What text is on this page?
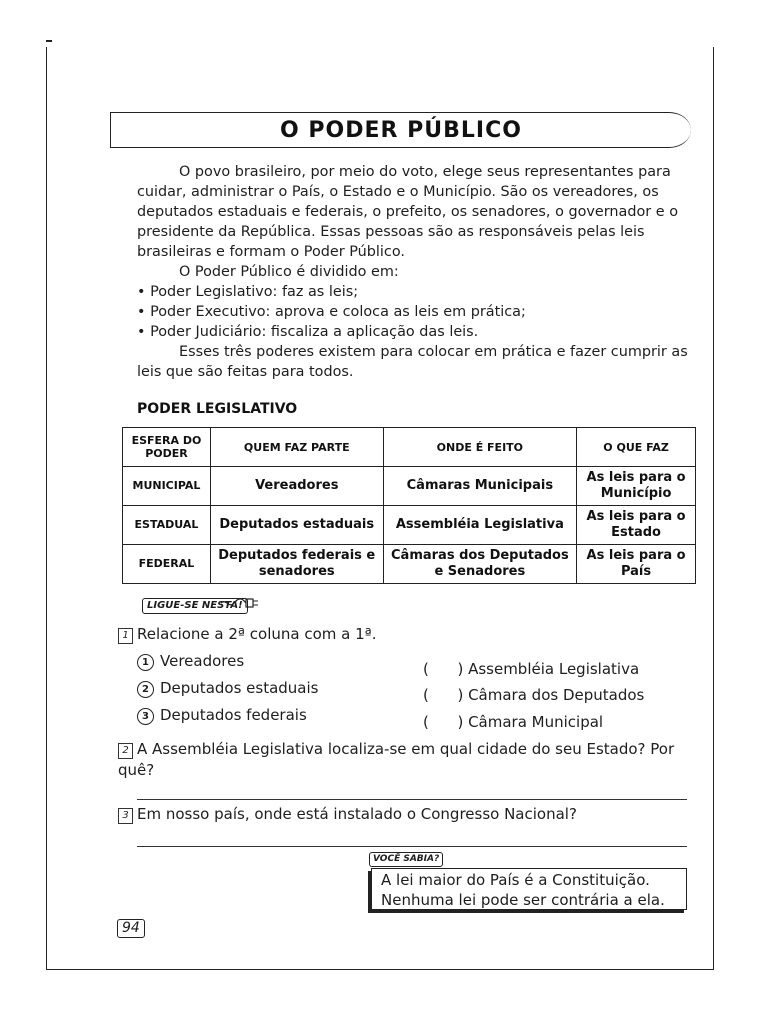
O PODER PÚBLICO

O povo brasileiro, por meio do voto, elege seus representantes para cuidar, administrar o País, o Estado e o Município. São os vereadores, os deputados estaduais e federais, o prefeito, os senadores, o governador e o presidente da República. Essas pessoas são as responsáveis pelas leis brasileiras e formam o Poder Público.

O Poder Público é dividido em:

• Poder Legislativo: faz as leis;
• Poder Executivo: aprova e coloca as leis em prática;
• Poder Judiciário: fiscaliza a aplicação das leis.

Esses três poderes existem para colocar em prática e fazer cumprir as leis que são feitas para todos.

PODER LEGISLATIVO
ESFERA DO PODER	QUEM FAZ PARTE	ONDE É FEITO	O QUE FAZ
MUNICIPAL	Vereadores	Câmaras Municipais	As leis para o Município
ESTADUAL	Deputados estaduais	Assembléia Legislativa	As leis para o Estado
FEDERAL	Deputados federais e senadores	Câmaras dos Deputados e Senadores	As leis para o País
LIGUE-SE NESTA!
1 Relacione a 2ª coluna com a 1ª.
1 Vereadores
2 Deputados estaduais
3 Deputados federais
(      ) Assembléia Legislativa
(      ) Câmara dos Deputados
(      ) Câmara Municipal
2 A Assembléia Legislativa localiza-se em qual cidade do seu Estado? Por quê?
3 Em nosso país, onde está instalado o Congresso Nacional?
VOCÊ SABIA?
A lei maior do País é a Constituição.
Nenhuma lei pode ser contrária a ela.
94
